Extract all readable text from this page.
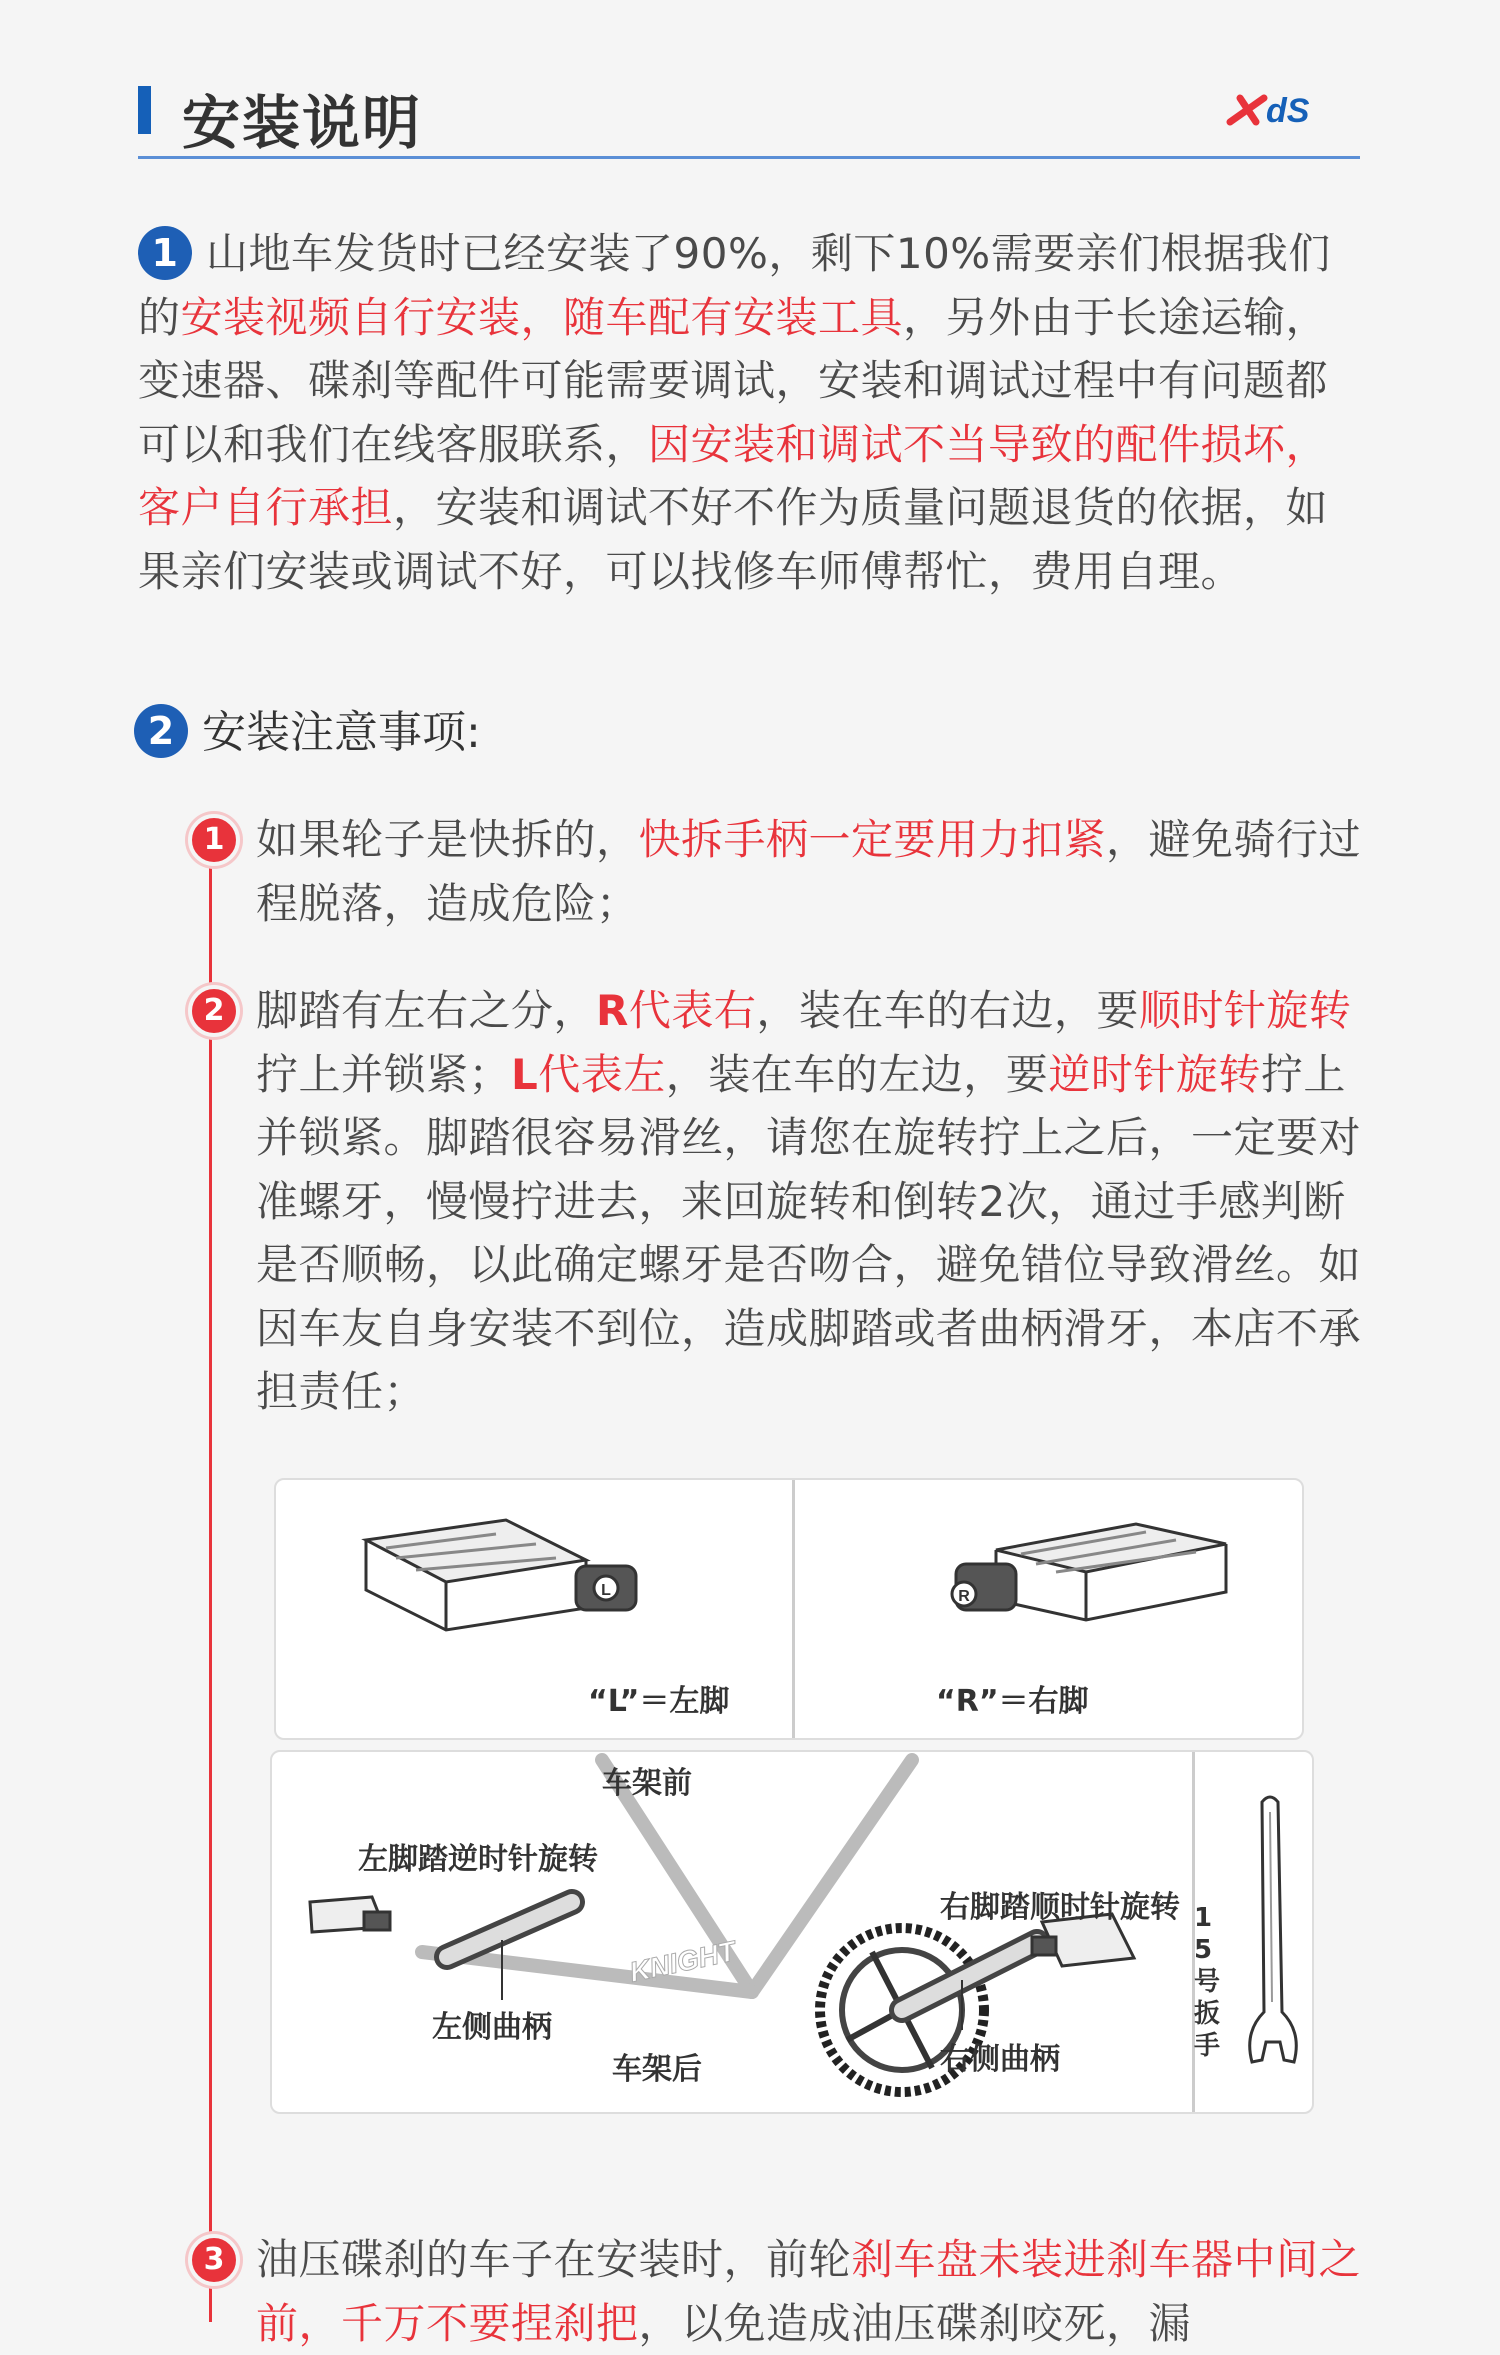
安装说明	dS
1 山地车发货时已经安装了90%，剩下10%需要亲们根据我们的安装视频自行安装，随车配有安装工具，另外由于长途运输，变速器、碟刹等配件可能需要调试，安装和调试过程中有问题都可以和我们在线客服联系，因安装和调试不当导致的配件损坏，客户自行承担，安装和调试不好不作为质量问题退货的依据，如果亲们安装或调试不好，可以找修车师傅帮忙，费用自理。
2 安装注意事项:
1 如果轮子是快拆的，快拆手柄一定要用力扣紧，避免骑行过程脱落，造成危险；
2 脚踏有左右之分，R代表右，装在车的右边，要顺时针旋转拧上并锁紧；L代表左，装在车的左边，要逆时针旋转拧上并锁紧。脚踏很容易滑丝，请您在旋转拧上之后，一定要对准螺牙，慢慢拧进去，来回旋转和倒转2次，通过手感判断是否顺畅，以此确定螺牙是否吻合，避免错位导致滑丝。如因车友自身安装不到位，造成脚踏或者曲柄滑牙，本店不承担责任；
L	R
“L”＝左脚	“R”＝右脚
KNIGHT
车架前
左脚踏逆时针旋转
右脚踏顺时针旋转
左侧曲柄
右侧曲柄
车架后
15号扳手
3 油压碟刹的车子在安装时，前轮刹车盘未装进刹车器中间之前，千万不要捏刹把，以免造成油压碟刹咬死，漏
